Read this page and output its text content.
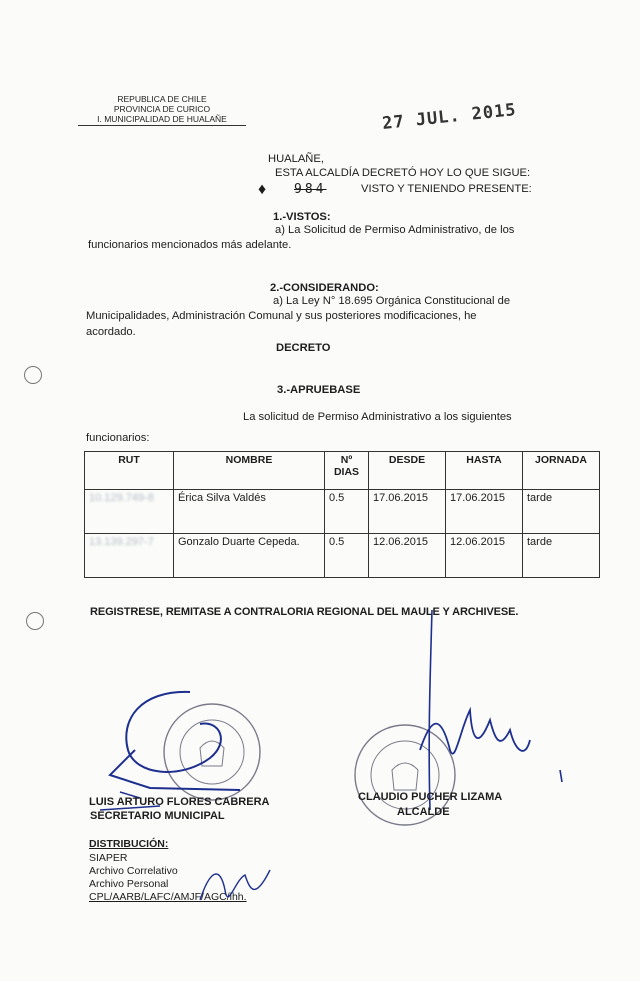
REPUBLICA DE CHILE
PROVINCIA DE CURICO
I. MUNICIPALIDAD DE HUALAÑE	27 JUL. 2015
HUALAÑE,
ESTA ALCALDÍA DECRETÓ HOY LO QUE SIGUE:
♦ 984	VISTO Y TENIENDO PRESENTE:
1.-VISTOS:
a) La Solicitud de Permiso Administrativo, de los
funcionarios mencionados más adelante.
2.-CONSIDERANDO:
a) La Ley N° 18.695 Orgánica Constitucional de
Municipalidades, Administración Comunal y sus posteriores modificaciones, he
acordado.
DECRETO
3.-APRUEBASE
La solicitud de Permiso Administrativo a los siguientes
funcionarios:
RUT	NOMBRE	Nº DIAS	DESDE	HASTA	JORNADA
10.129.749-8	Érica Silva Valdés	0.5	17.06.2015	17.06.2015	tarde
13.139.297-7	Gonzalo Duarte Cepeda.	0.5	12.06.2015	12.06.2015	tarde
REGISTRESE, REMITASE A CONTRALORIA REGIONAL DEL MAULE Y ARCHIVESE.
LUIS ARTURO FLORES CABRERA
SECRETARIO MUNICIPAL
CLAUDIO PUCHER LIZAMA
ALCALDE
DISTRIBUCIÓN:
SIAPER
Archivo Correlativo
Archivo Personal
CPL/AARB/LAFC/AMJF/AGC/lhh.
